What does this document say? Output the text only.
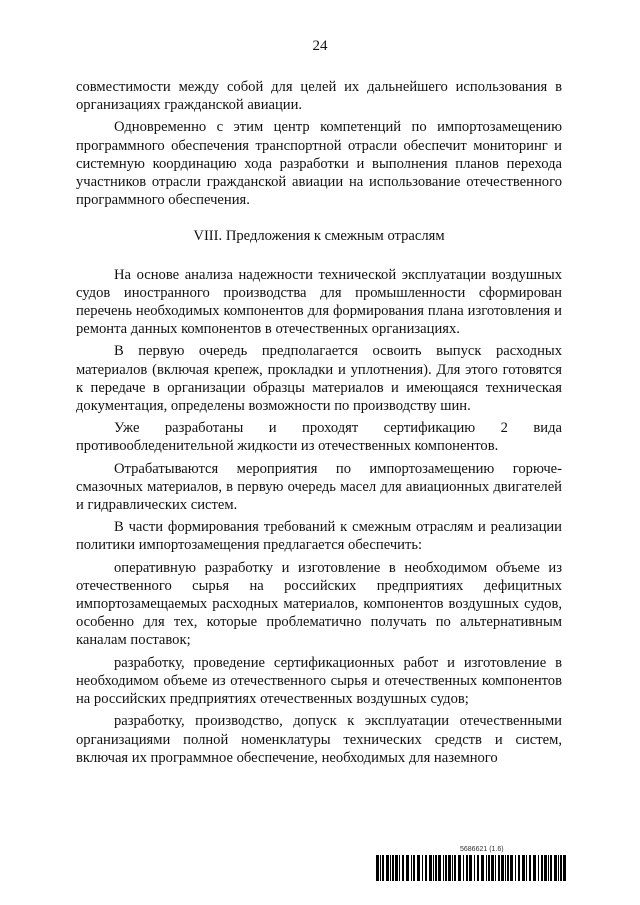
24

совместимости между собой для целей их дальнейшего использования в организациях гражданской авиации.

Одновременно с этим центр компетенций по импортозамещению программного обеспечения транспортной отрасли обеспечит мониторинг и системную координацию хода разработки и выполнения планов перехода участников отрасли гражданской авиации на использование отечественного программного обеспечения.

VIII. Предложения к смежным отраслям

На основе анализа надежности технической эксплуатации воздушных судов иностранного производства для промышленности сформирован перечень необходимых компонентов для формирования плана изготовления и ремонта данных компонентов в отечественных организациях.

В первую очередь предполагается освоить выпуск расходных материалов (включая крепеж, прокладки и уплотнения). Для этого готовятся к передаче в организации образцы материалов и имеющаяся техническая документация, определены возможности по производству шин.

Уже разработаны и проходят сертификацию 2 вида противообледенительной жидкости из отечественных компонентов.

Отрабатываются мероприятия по импортозамещению горюче-смазочных материалов, в первую очередь масел для авиационных двигателей и гидравлических систем.

В части формирования требований к смежным отраслям и реализации политики импортозамещения предлагается обеспечить:

оперативную разработку и изготовление в необходимом объеме из отечественного сырья на российских предприятиях дефицитных импортозамещаемых расходных материалов, компонентов воздушных судов, особенно для тех, которые проблематично получать по альтернативным каналам поставок;

разработку, проведение сертификационных работ и изготовление в необходимом объеме из отечественного сырья и отечественных компонентов на российских предприятиях отечественных воздушных судов;

разработку, производство, допуск к эксплуатации отечественными организациями полной номенклатуры технических средств и систем, включая их программное обеспечение, необходимых для наземного

5686621 (1.6)
